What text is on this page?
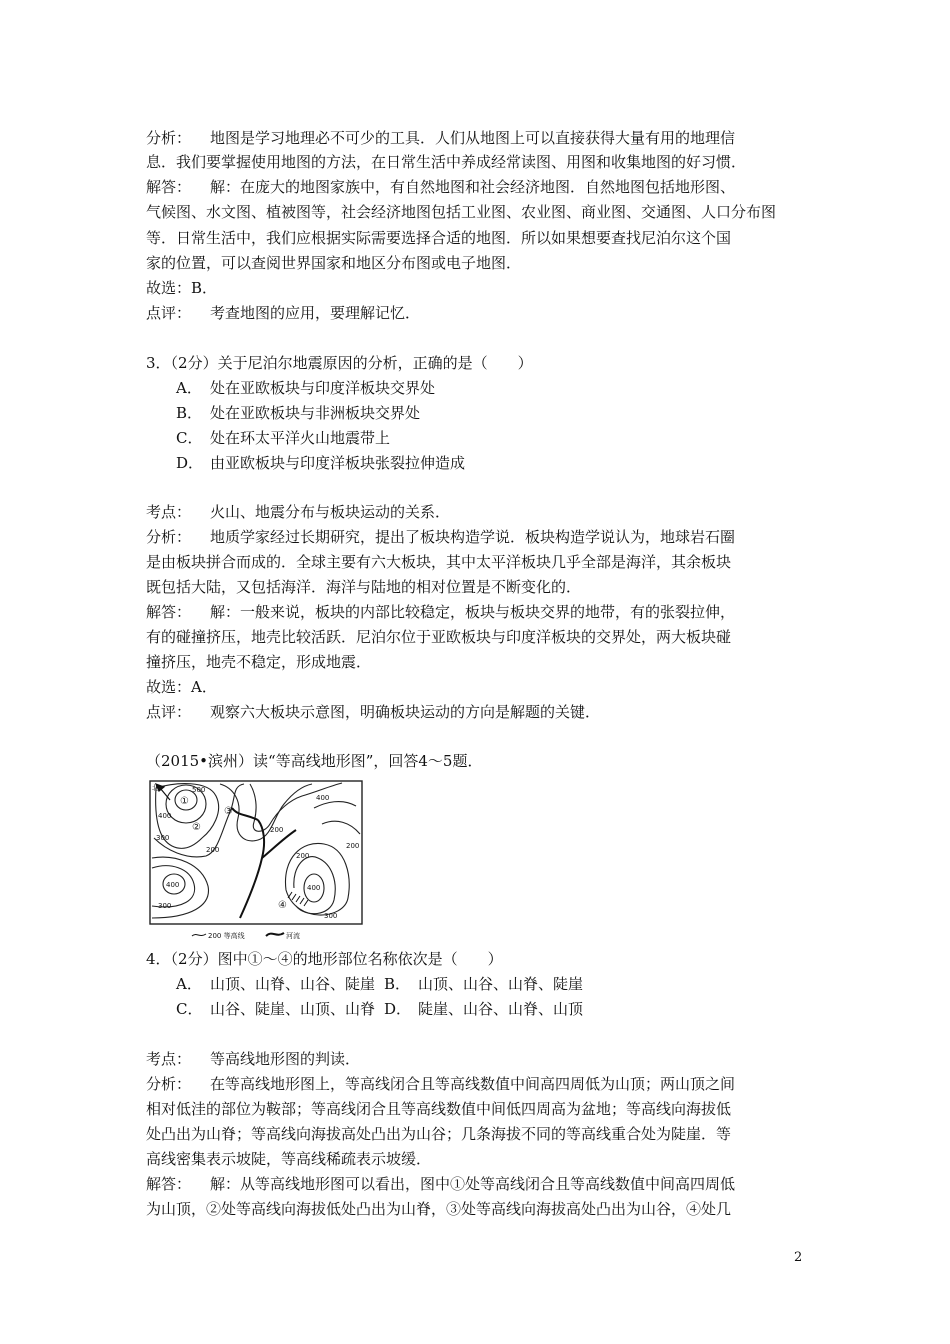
分析： 地图是学习地理必不可少的工具．人们从地图上可以直接获得大量有用的地理信
息．我们要掌握使用地图的方法，在日常生活中养成经常读图、用图和收集地图的好习惯．
解答： 解：在庞大的地图家族中，有自然地图和社会经济地图．自然地图包括地形图、
气候图、水文图、植被图等，社会经济地图包括工业图、农业图、商业图、交通图、人口分布图
等．日常生活中，我们应根据实际需要选择合适的地图．所以如果想要查找尼泊尔这个国
家的位置，可以查阅世界国家和地区分布图或电子地图．
故选：B．
点评： 考查地图的应用，要理解记忆．
3．（2分）关于尼泊尔地震原因的分析，正确的是（　　）
A． 处在亚欧板块与印度洋板块交界处
B． 处在亚欧板块与非洲板块交界处
C． 处在环太平洋火山地震带上
D． 由亚欧板块与印度洋板块张裂拉伸造成
考点： 火山、地震分布与板块运动的关系．
分析： 地质学家经过长期研究，提出了板块构造学说．板块构造学说认为，地球岩石圈
是由板块拼合而成的．全球主要有六大板块，其中太平洋板块几乎全部是海洋，其余板块
既包括大陆，又包括海洋．海洋与陆地的相对位置是不断变化的．
解答： 解：一般来说，板块的内部比较稳定，板块与板块交界的地带，有的张裂拉伸，
有的碰撞挤压，地壳比较活跃．尼泊尔位于亚欧板块与印度洋板块的交界处，两大板块碰
撞挤压，地壳不稳定，形成地震．
故选：A．
点评： 观察六大板块示意图，明确板块运动的方向是解题的关键．
（2015•滨州）读“等高线地形图”，回答4～5题．
北	500
400
300
200
400
300
400
200
400
200
300
200
①
②
③
④
200 等高线	河流
4．（2分）图中①～④的地形部位名称依次是（　　）
A． 山顶、山脊、山谷、陡崖 B． 山顶、山谷、山脊、陡崖
C． 山谷、陡崖、山顶、山脊 D． 陡崖、山谷、山脊、山顶
考点： 等高线地形图的判读．
分析： 在等高线地形图上，等高线闭合且等高线数值中间高四周低为山顶；两山顶之间
相对低洼的部位为鞍部；等高线闭合且等高线数值中间低四周高为盆地；等高线向海拔低
处凸出为山脊；等高线向海拔高处凸出为山谷；几条海拔不同的等高线重合处为陡崖．等
高线密集表示坡陡，等高线稀疏表示坡缓．
解答： 解：从等高线地形图可以看出，图中①处等高线闭合且等高线数值中间高四周低
为山顶，②处等高线向海拔低处凸出为山脊，③处等高线向海拔高处凸出为山谷，④处几
2
